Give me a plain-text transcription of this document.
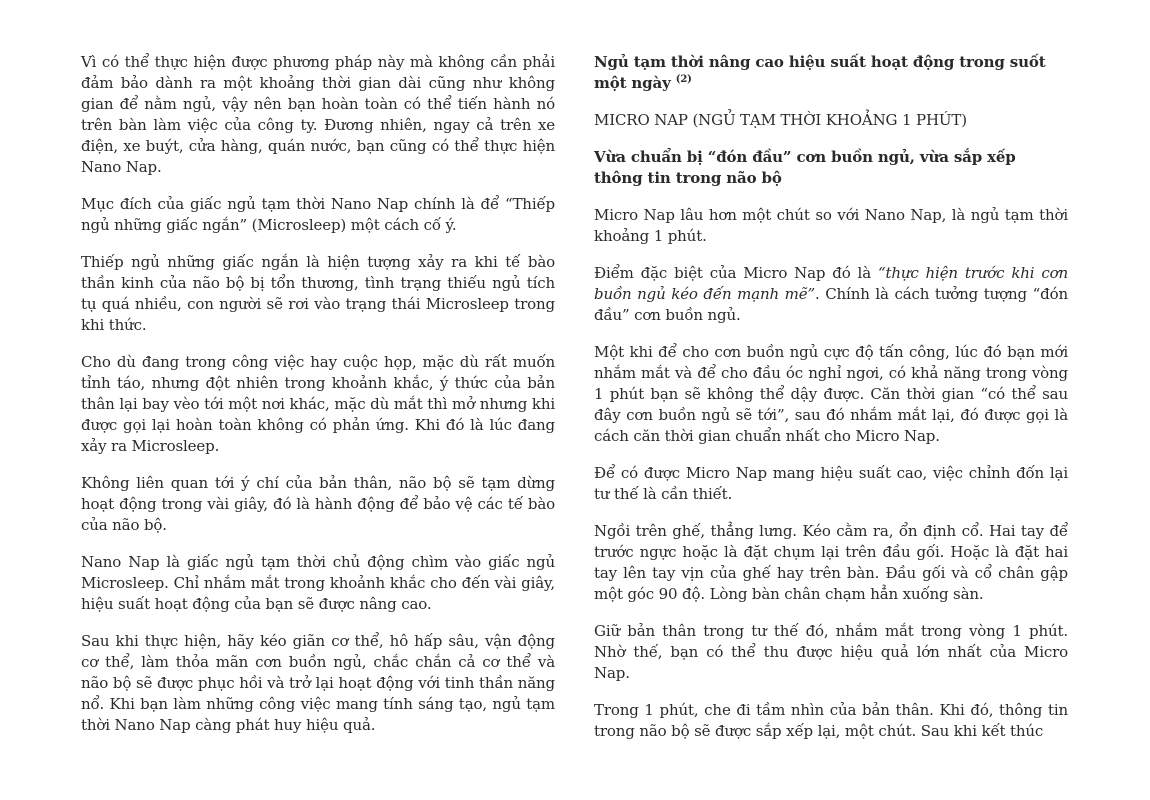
Vì có thể thực hiện được phương pháp này mà không cần phải đảm bảo dành ra một khoảng thời gian dài cũng như không gian để nằm ngủ, vậy nên bạn hoàn toàn có thể tiến hành nó trên bàn làm việc của công ty. Đương nhiên, ngay cả trên xe điện, xe buýt, cửa hàng, quán nước, bạn cũng có thể thực hiện Nano Nap.

Mục đích của giấc ngủ tạm thời Nano Nap chính là để “Thiếp ngủ những giấc ngắn” (Microsleep) một cách cố ý.

Thiếp ngủ những giấc ngắn là hiện tượng xảy ra khi tế bào thần kinh của não bộ bị tổn thương, tình trạng thiếu ngủ tích tụ quá nhiều, con người sẽ rơi vào trạng thái Microsleep trong khi thức.

Cho dù đang trong công việc hay cuộc họp, mặc dù rất muốn tỉnh táo, nhưng đột nhiên trong khoảnh khắc, ý thức của bản thân lại bay vèo tới một nơi khác, mặc dù mắt thì mở nhưng khi được gọi lại hoàn toàn không có phản ứng. Khi đó là lúc đang xảy ra Microsleep.

Không liên quan tới ý chí của bản thân, não bộ sẽ tạm dừng hoạt động trong vài giây, đó là hành động để bảo vệ các tế bào của não bộ.

Nano Nap là giấc ngủ tạm thời chủ động chìm vào giấc ngủ Microsleep. Chỉ nhắm mắt trong khoảnh khắc cho đến vài giây, hiệu suất hoạt động của bạn sẽ được nâng cao.

Sau khi thực hiện, hãy kéo giãn cơ thể, hô hấp sâu, vận động cơ thể, làm thỏa mãn cơn buồn ngủ, chắc chắn cả cơ thể và não bộ sẽ được phục hồi và trở lại hoạt động với tinh thần năng nổ. Khi bạn làm những công việc mang tính sáng tạo, ngủ tạm thời Nano Nap càng phát huy hiệu quả.

Ngủ tạm thời nâng cao hiệu suất hoạt động trong suốt một ngày $^{(2)}$

MICRO NAP (NGỦ TẠM THỜI KHOẢNG 1 PHÚT)

Vừa chuẩn bị “đón đầu” cơn buồn ngủ, vừa sắp xếp thông tin trong não bộ

Micro Nap lâu hơn một chút so với Nano Nap, là ngủ tạm thời khoảng 1 phút.

Điểm đặc biệt của Micro Nap đó là “thực hiện trước khi cơn buồn ngủ kéo đến mạnh mẽ”. Chính là cách tưởng tượng “đón đầu” cơn buồn ngủ.

Một khi để cho cơn buồn ngủ cực độ tấn công, lúc đó bạn mới nhắm mắt và để cho đầu óc nghỉ ngơi, có khả năng trong vòng 1 phút bạn sẽ không thể dậy được. Căn thời gian “có thể sau đây cơn buồn ngủ sẽ tới”, sau đó nhắm mắt lại, đó được gọi là cách căn thời gian chuẩn nhất cho Micro Nap.

Để có được Micro Nap mang hiệu suất cao, việc chỉnh đốn lại tư thế là cần thiết.

Ngồi trên ghế, thẳng lưng. Kéo cằm ra, ổn định cổ. Hai tay để trước ngực hoặc là đặt chụm lại trên đầu gối. Hoặc là đặt hai tay lên tay vịn của ghế hay trên bàn. Đầu gối và cổ chân gập một góc 90 độ. Lòng bàn chân chạm hẳn xuống sàn.

Giữ bản thân trong tư thế đó, nhắm mắt trong vòng 1 phút. Nhờ thế, bạn có thể thu được hiệu quả lớn nhất của Micro Nap.

Trong 1 phút, che đi tầm nhìn của bản thân. Khi đó, thông tin trong não bộ sẽ được sắp xếp lại, một chút. Sau khi kết thúc
